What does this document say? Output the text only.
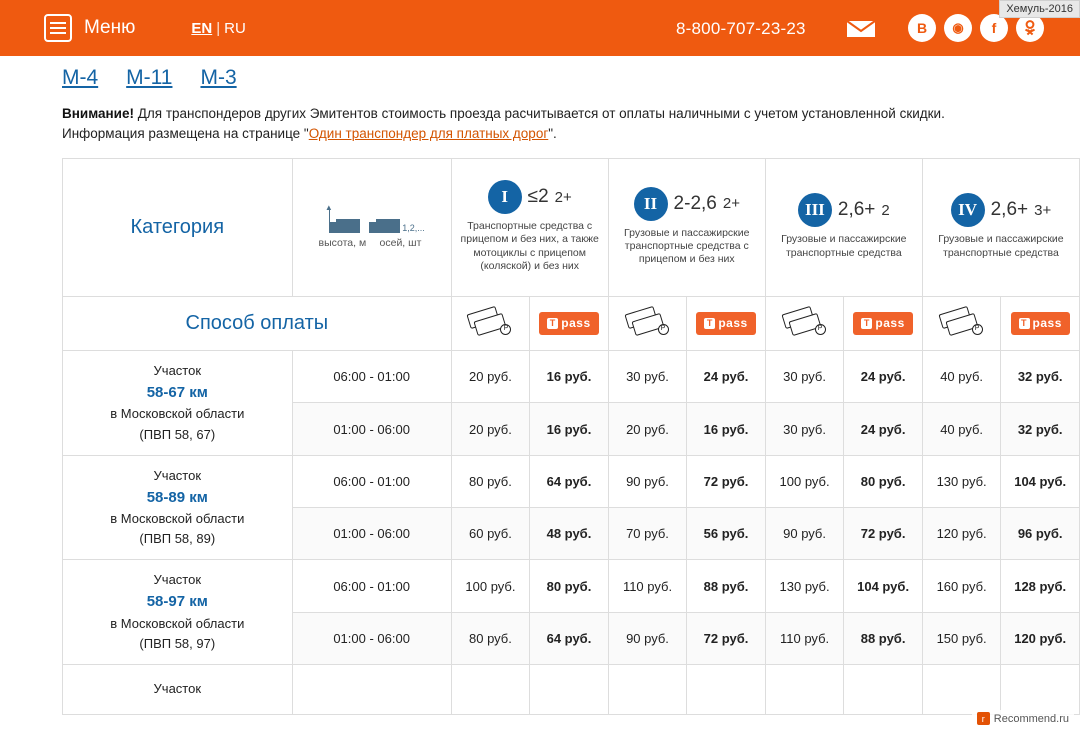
Меню	EN | RU	8-800-707-23-23	В	◉	f
Хемуль-2016
М-4 М-11 М-3
Внимание! Для транспондеров других Эмитентов стоимость проезда расчитывается от оплаты наличными с учетом установленной скидки. Информация размещена на странице "Один транспондер для платных дорог".
Категория	
▲
высота, м
1,2,...
осей, шт

I	≤2 2+
Транспортные средства с прицепом и без них, а также мотоциклы с прицепом (коляской) и без них

II 2-2,6 2+
Грузовые и пассажирские транспортные средства с прицепом и без них

III 2,6+ 2
Грузовые и пассажирские транспортные средства

IV 2,6+ 3+
Грузовые и пассажирские транспортные средства

Способ оплаты		P	T pass	P	T pass	P	T pass	P	T pass

Участок
58-67 км
в Московской области
(ПВП 58, 67)	06:00 - 01:00	20 руб.	16 руб.	30 руб.	24 руб.	30 руб.	24 руб.	40 руб.	32 руб.
	01:00 - 06:00	20 руб.	16 руб.	20 руб.	16 руб.	30 руб.	24 руб.	40 руб.	32 руб.

Участок
58-89 км
в Московской области
(ПВП 58, 89)	06:00 - 01:00	80 руб.	64 руб.	90 руб.	72 руб.	100 руб.	80 руб.	130 руб.	104 руб.
	01:00 - 06:00	60 руб.	48 руб.	70 руб.	56 руб.	90 руб.	72 руб.	120 руб.	96 руб.

Участок
58-97 км
в Московской области
(ПВП 58, 97)	06:00 - 01:00	100 руб.	80 руб.	110 руб.	88 руб.	130 руб.	104 руб.	160 руб.	128 руб.
	01:00 - 06:00	80 руб.	64 руб.	90 руб.	72 руб.	110 руб.	88 руб.	150 руб.	120 руб.

Участок									

r Recommend.ru
